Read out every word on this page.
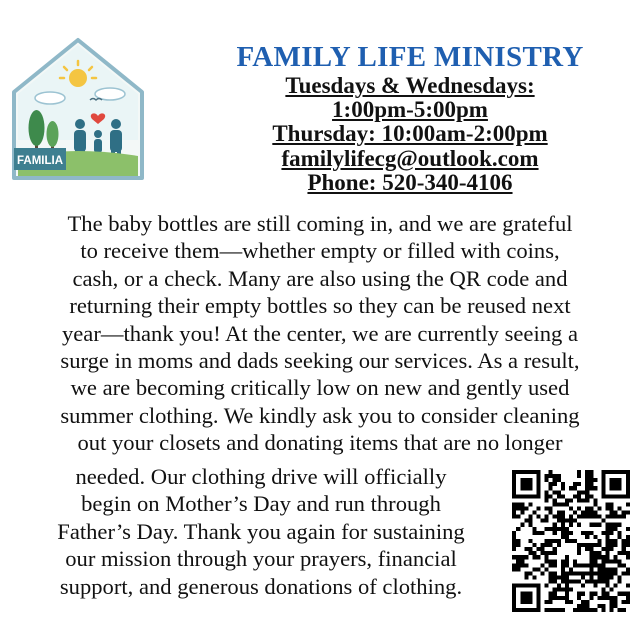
FAMILIA
FAMILY LIFE MINISTRY
Tuesdays & Wednesdays:
1:00pm-5:00pm
Thursday: 10:00am-2:00pm
familylifecg@outlook.com
Phone: 520-340-4106
The baby bottles are still coming in, and we are grateful
to receive them—whether empty or filled with coins,
cash, or a check. Many are also using the QR code and
returning their empty bottles so they can be reused next
year—thank you! At the center, we are currently seeing a
surge in moms and dads seeking our services. As a result,
we are becoming critically low on new and gently used
summer clothing. We kindly ask you to consider cleaning
out your closets and donating items that are no longer
needed. Our clothing drive will officially
begin on Mother’s Day and run through
Father’s Day. Thank you again for sustaining
our mission through your prayers, financial
support, and generous donations of clothing.
